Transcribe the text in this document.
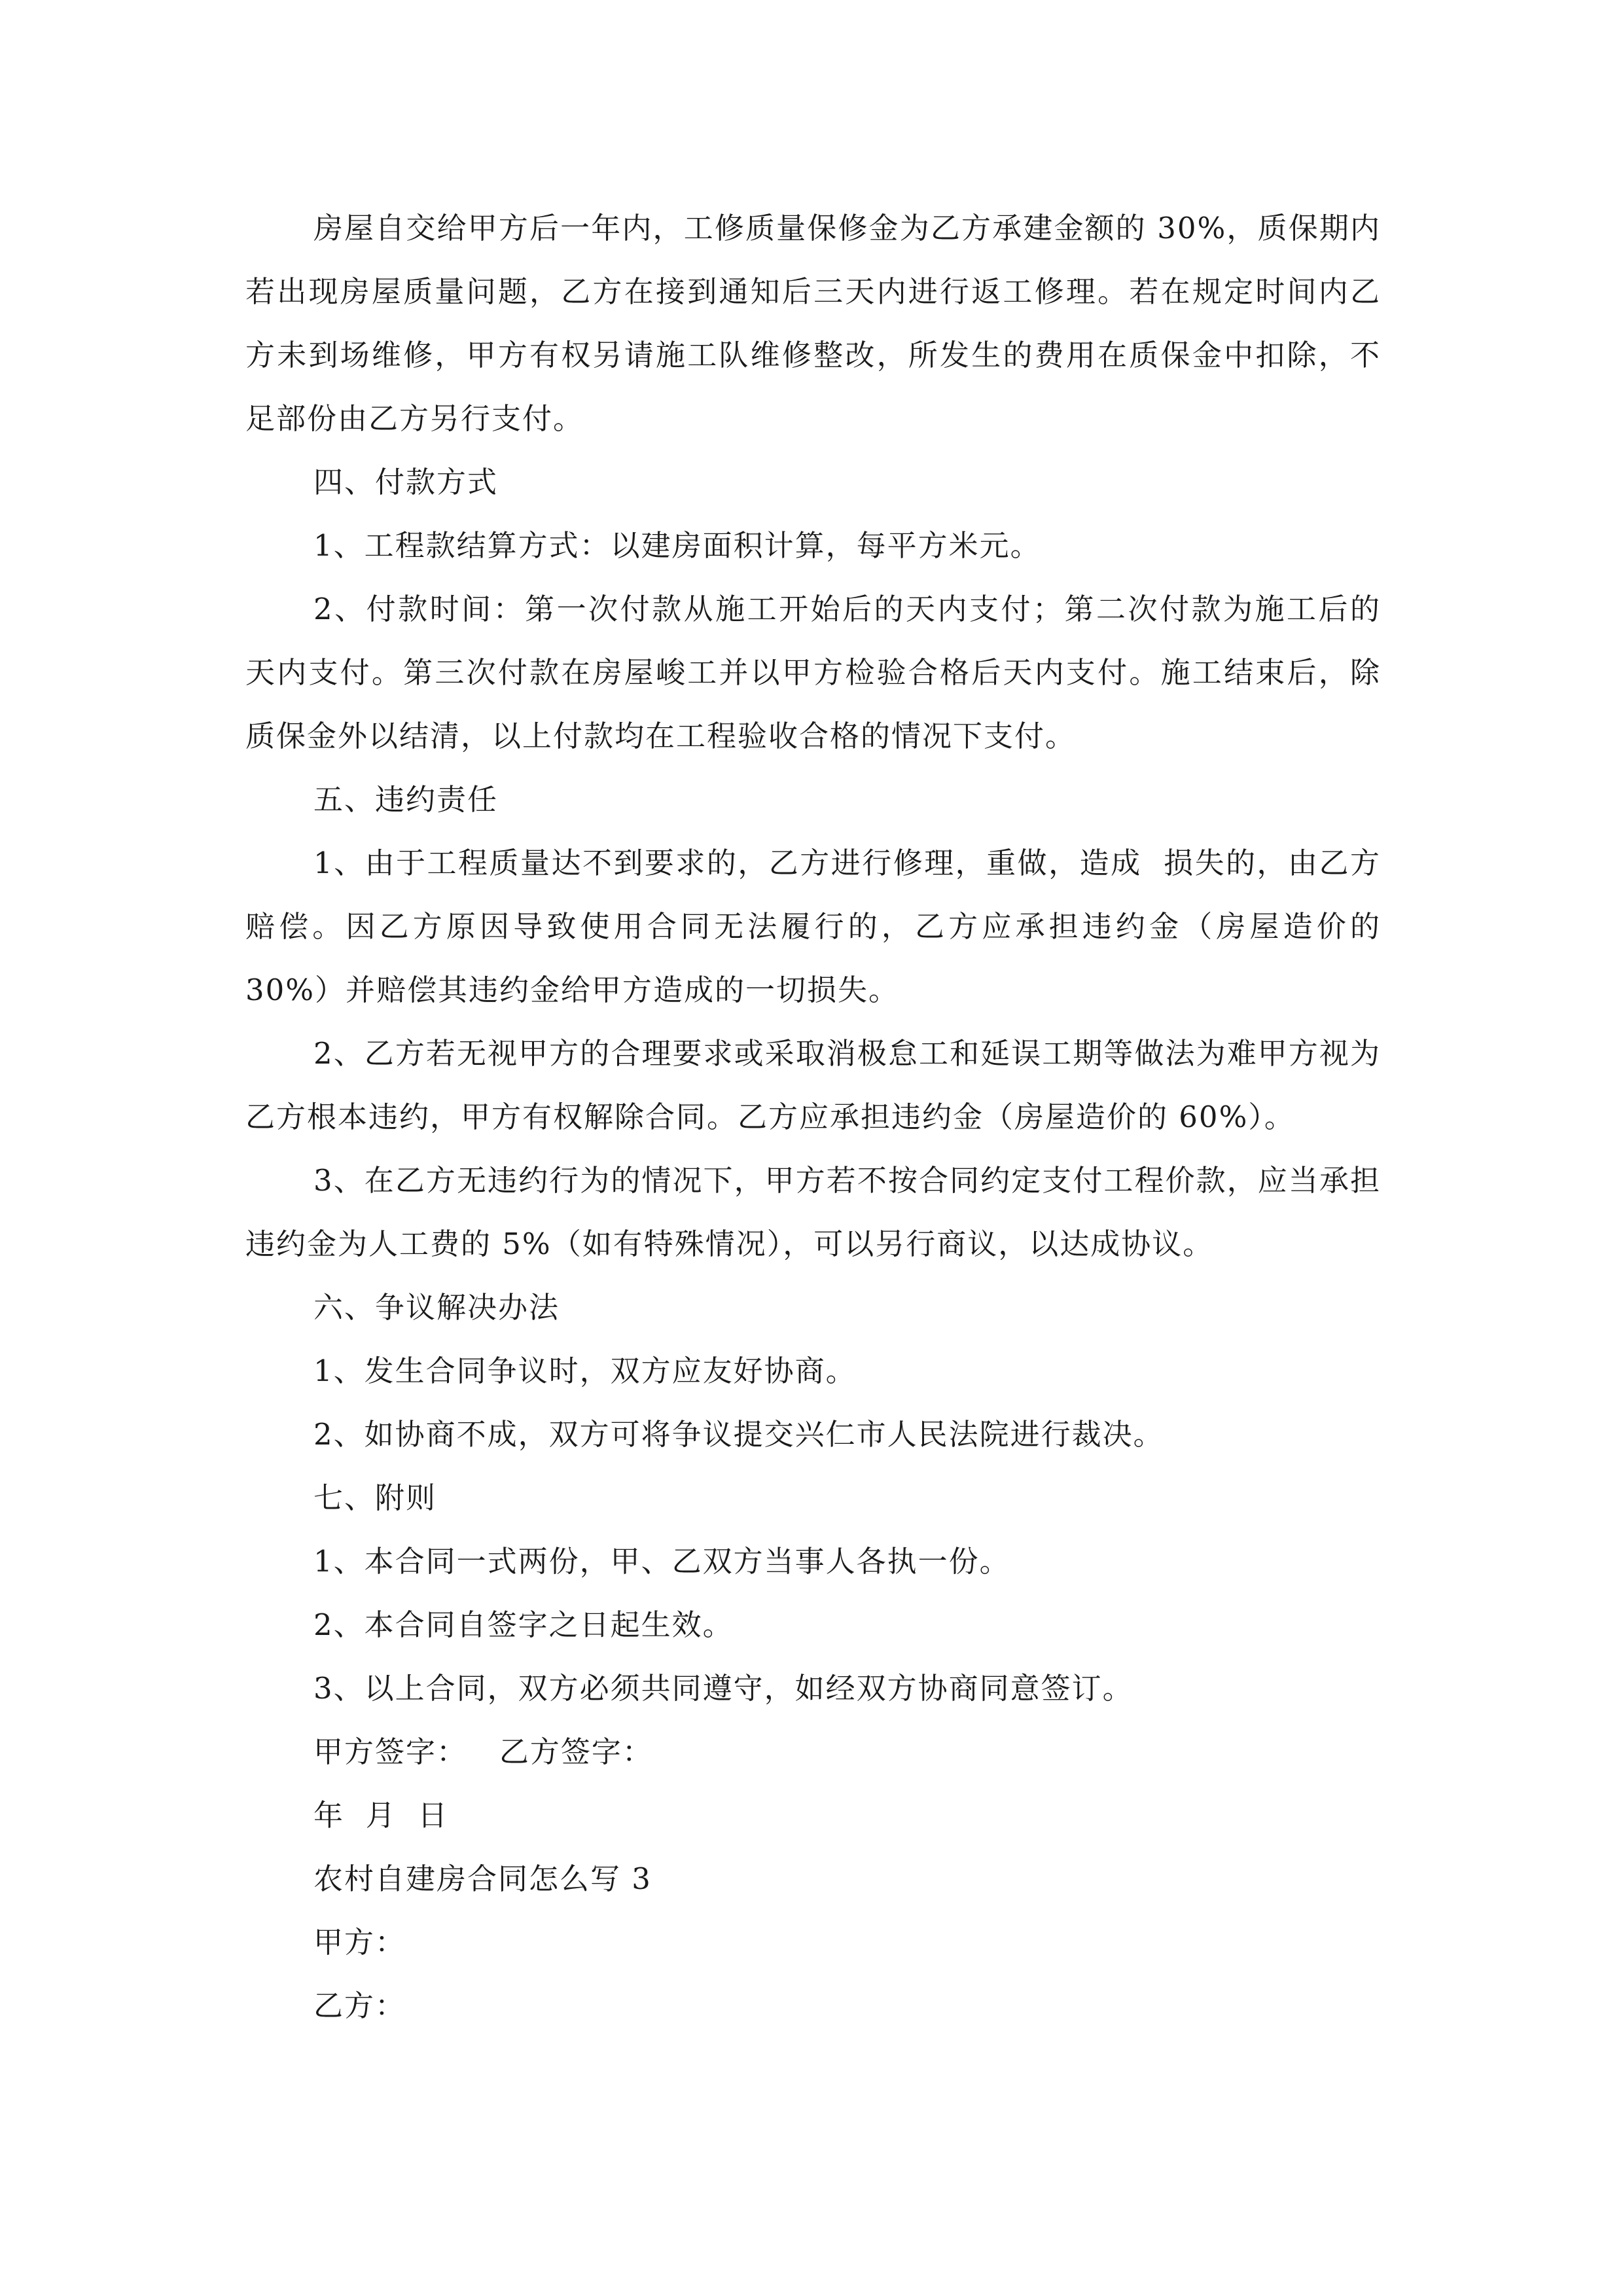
房屋自交给甲方后一年内，工修质量保修金为乙方承建金额的 30%，质保期内若出现房屋质量问题，乙方在接到通知后三天内进行返工修理。若在规定时间内乙方未到场维修，甲方有权另请施工队维修整改，所发生的费用在质保金中扣除，不足部份由乙方另行支付。

四、付款方式

1、工程款结算方式：以建房面积计算，每平方米元。

2、付款时间：第一次付款从施工开始后的天内支付；第二次付款为施工后的  天内支付。第三次付款在房屋峻工并以甲方检验合格后天内支付。施工结束后，除质保金外以结清，以上付款均在工程验收合格的情况下支付。

五、违约责任

1、由于工程质量达不到要求的，乙方进行修理，重做，造成  损失的，由乙方赔偿。因乙方原因导致使用合同无法履行的，乙方应承担违约金（房屋造价的 30%）并赔偿其违约金给甲方造成的一切损失。

2、乙方若无视甲方的合理要求或采取消极怠工和延误工期等做法为难甲方视为乙方根本违约，甲方有权解除合同。乙方应承担违约金（房屋造价的 60%）。

3、在乙方无违约行为的情况下，甲方若不按合同约定支付工程价款，应当承担违约金为人工费的 5%（如有特殊情况），可以另行商议，以达成协议。

六、争议解决办法

1、发生合同争议时，双方应友好协商。

2、如协商不成，双方可将争议提交兴仁市人民法院进行裁决。

七、附则

1、本合同一式两份，甲、乙双方当事人各执一份。

2、本合同自签字之日起生效。

3、以上合同，双方必须共同遵守，如经双方协商同意签订。

甲方签字：   乙方签字：

年  月  日

农村自建房合同怎么写 3

甲方：

乙方：
